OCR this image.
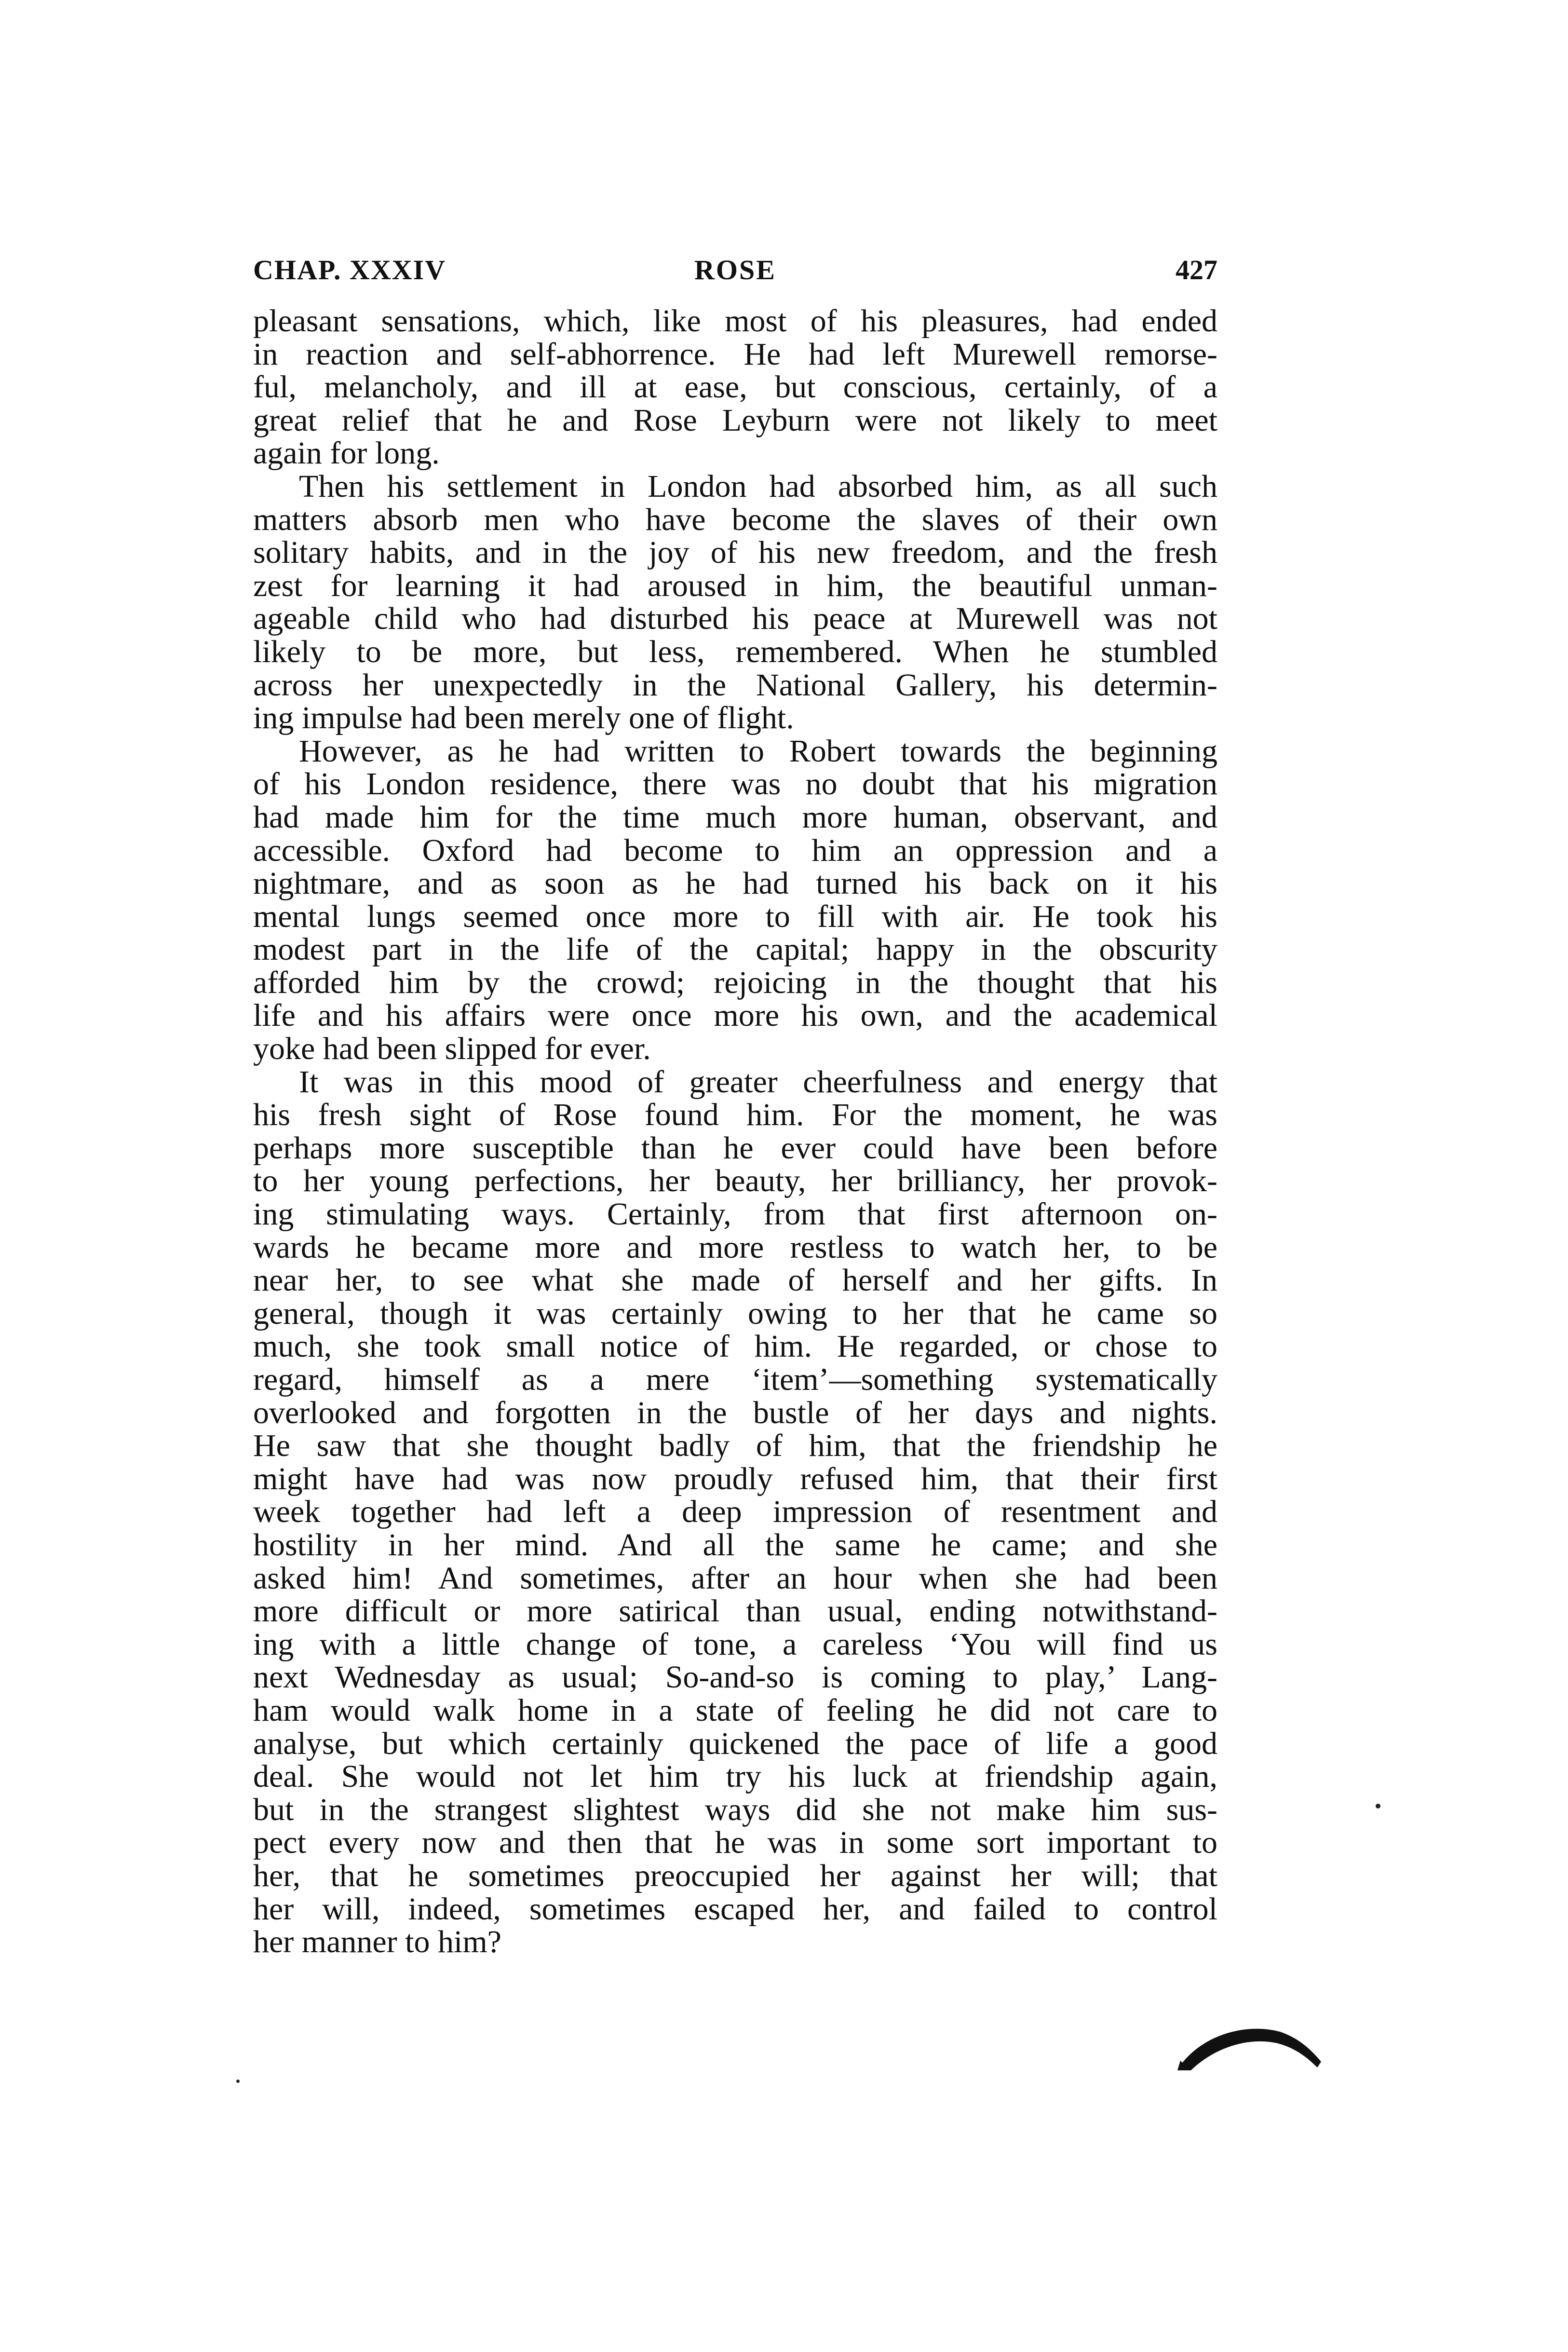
CHAP. XXXIV	ROSE	427
pleasant sensations, which, like most of his pleasures, had ended
in reaction and self-abhorrence. He had left Murewell remorse-
ful, melancholy, and ill at ease, but conscious, certainly, of a
great relief that he and Rose Leyburn were not likely to meet
again for long.
Then his settlement in London had absorbed him, as all such
matters absorb men who have become the slaves of their own
solitary habits, and in the joy of his new freedom, and the fresh
zest for learning it had aroused in him, the beautiful unman-
ageable child who had disturbed his peace at Murewell was not
likely to be more, but less, remembered. When he stumbled
across her unexpectedly in the National Gallery, his determin-
ing impulse had been merely one of flight.
However, as he had written to Robert towards the beginning
of his London residence, there was no doubt that his migration
had made him for the time much more human, observant, and
accessible. Oxford had become to him an oppression and a
nightmare, and as soon as he had turned his back on it his
mental lungs seemed once more to fill with air. He took his
modest part in the life of the capital; happy in the obscurity
afforded him by the crowd; rejoicing in the thought that his
life and his affairs were once more his own, and the academical
yoke had been slipped for ever.
It was in this mood of greater cheerfulness and energy that
his fresh sight of Rose found him. For the moment, he was
perhaps more susceptible than he ever could have been before
to her young perfections, her beauty, her brilliancy, her provok-
ing stimulating ways. Certainly, from that first afternoon on-
wards he became more and more restless to watch her, to be
near her, to see what she made of herself and her gifts. In
general, though it was certainly owing to her that he came so
much, she took small notice of him. He regarded, or chose to
regard, himself as a mere ‘item’—something systematically
overlooked and forgotten in the bustle of her days and nights.
He saw that she thought badly of him, that the friendship he
might have had was now proudly refused him, that their first
week together had left a deep impression of resentment and
hostility in her mind. And all the same he came; and she
asked him! And sometimes, after an hour when she had been
more difficult or more satirical than usual, ending notwithstand-
ing with a little change of tone, a careless ‘You will find us
next Wednesday as usual; So-and-so is coming to play,’ Lang-
ham would walk home in a state of feeling he did not care to
analyse, but which certainly quickened the pace of life a good
deal. She would not let him try his luck at friendship again,
but in the strangest slightest ways did she not make him sus-
pect every now and then that he was in some sort important to
her, that he sometimes preoccupied her against her will; that
her will, indeed, sometimes escaped her, and failed to control
her manner to him?
